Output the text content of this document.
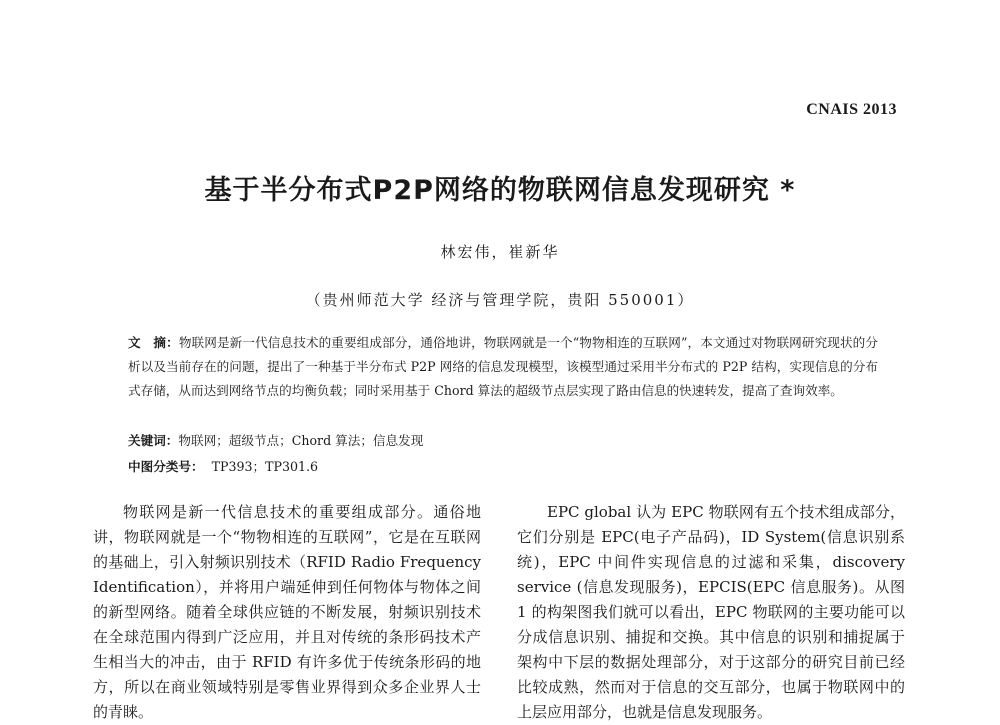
CNAIS 2013
基于半分布式P2P网络的物联网信息发现研究 *
林宏伟，崔新华
（贵州师范大学 经济与管理学院，贵阳 550001）
文　摘：物联网是新一代信息技术的重要组成部分，通俗地讲，物联网就是一个“物物相连的互联网”，本文通过对物联网研究现状的分析以及当前存在的问题，提出了一种基于半分布式 P2P 网络的信息发现模型，该模型通过采用半分布式的 P2P 结构，实现信息的分布式存储，从而达到网络节点的均衡负载；同时采用基于 Chord 算法的超级节点层实现了路由信息的快速转发，提高了查询效率。
关键词：物联网；超级节点；Chord 算法；信息发现
中图分类号： TP393；TP301.6

物联网是新一代信息技术的重要组成部分。通俗地讲，物联网就是一个“物物相连的互联网”，它是在互联网的基础上，引入射频识别技术（RFID Radio Frequency Identification），并将用户端延伸到任何物体与物体之间的新型网络。随着全球供应链的不断发展，射频识别技术在全球范围内得到广泛应用，并且对传统的条形码技术产生相当大的冲击，由于 RFID 有许多优于传统条形码的地方，所以在商业领域特别是零售业界得到众多企业界人士的青睐。

EPC global 认为 EPC 物联网有五个技术组成部分，它们分别是 EPC(电子产品码)，ID System(信息识别系统)，EPC 中间件实现信息的过滤和采集，discovery service (信息发现服务)，EPCIS(EPC 信息服务)。从图 1 的构架图我们就可以看出，EPC 物联网的主要功能可以分成信息识别、捕捉和交换。其中信息的识别和捕捉属于架构中下层的数据处理部分，对于这部分的研究目前已经比较成熟，然而对于信息的交互部分，也属于物联网中的上层应用部分，也就是信息发现服务。
